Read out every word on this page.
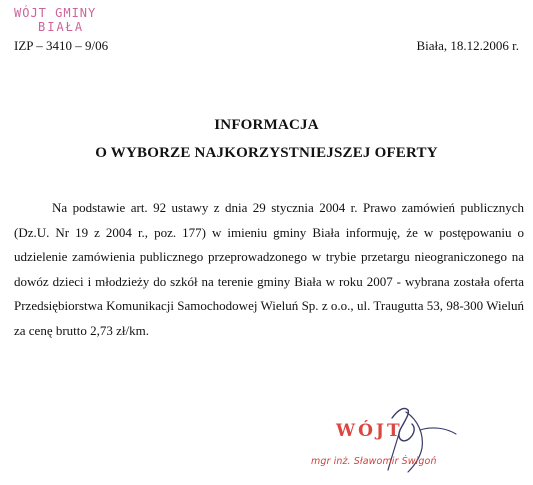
WÓJT GMINY
BIAŁA
IZP – 3410 – 9/06	Biała, 18.12.2006 r.
INFORMACJA
O WYBORZE NAJKORZYSTNIEJSZEJ OFERTY

Na podstawie art. 92 ustawy z dnia 29 stycznia 2004 r. Prawo zamówień publicznych (Dz.U. Nr 19 z 2004 r., poz. 177) w imieniu gminy Biała informuję, że w postępowaniu o udzielenie zamówienia publicznego przeprowadzonego w trybie przetargu nieograniczonego na dowóz dzieci i młodzieży do szkół na terenie gminy Biała w roku 2007 - wybrana została oferta Przedsiębiorstwa Komunikacji Samochodowej Wieluń Sp. z o.o., ul. Traugutta 53, 98-300 Wieluń za cenę brutto 2,73 zł/km.

WÓJT
mgr inż. Sławomir Świgoń
